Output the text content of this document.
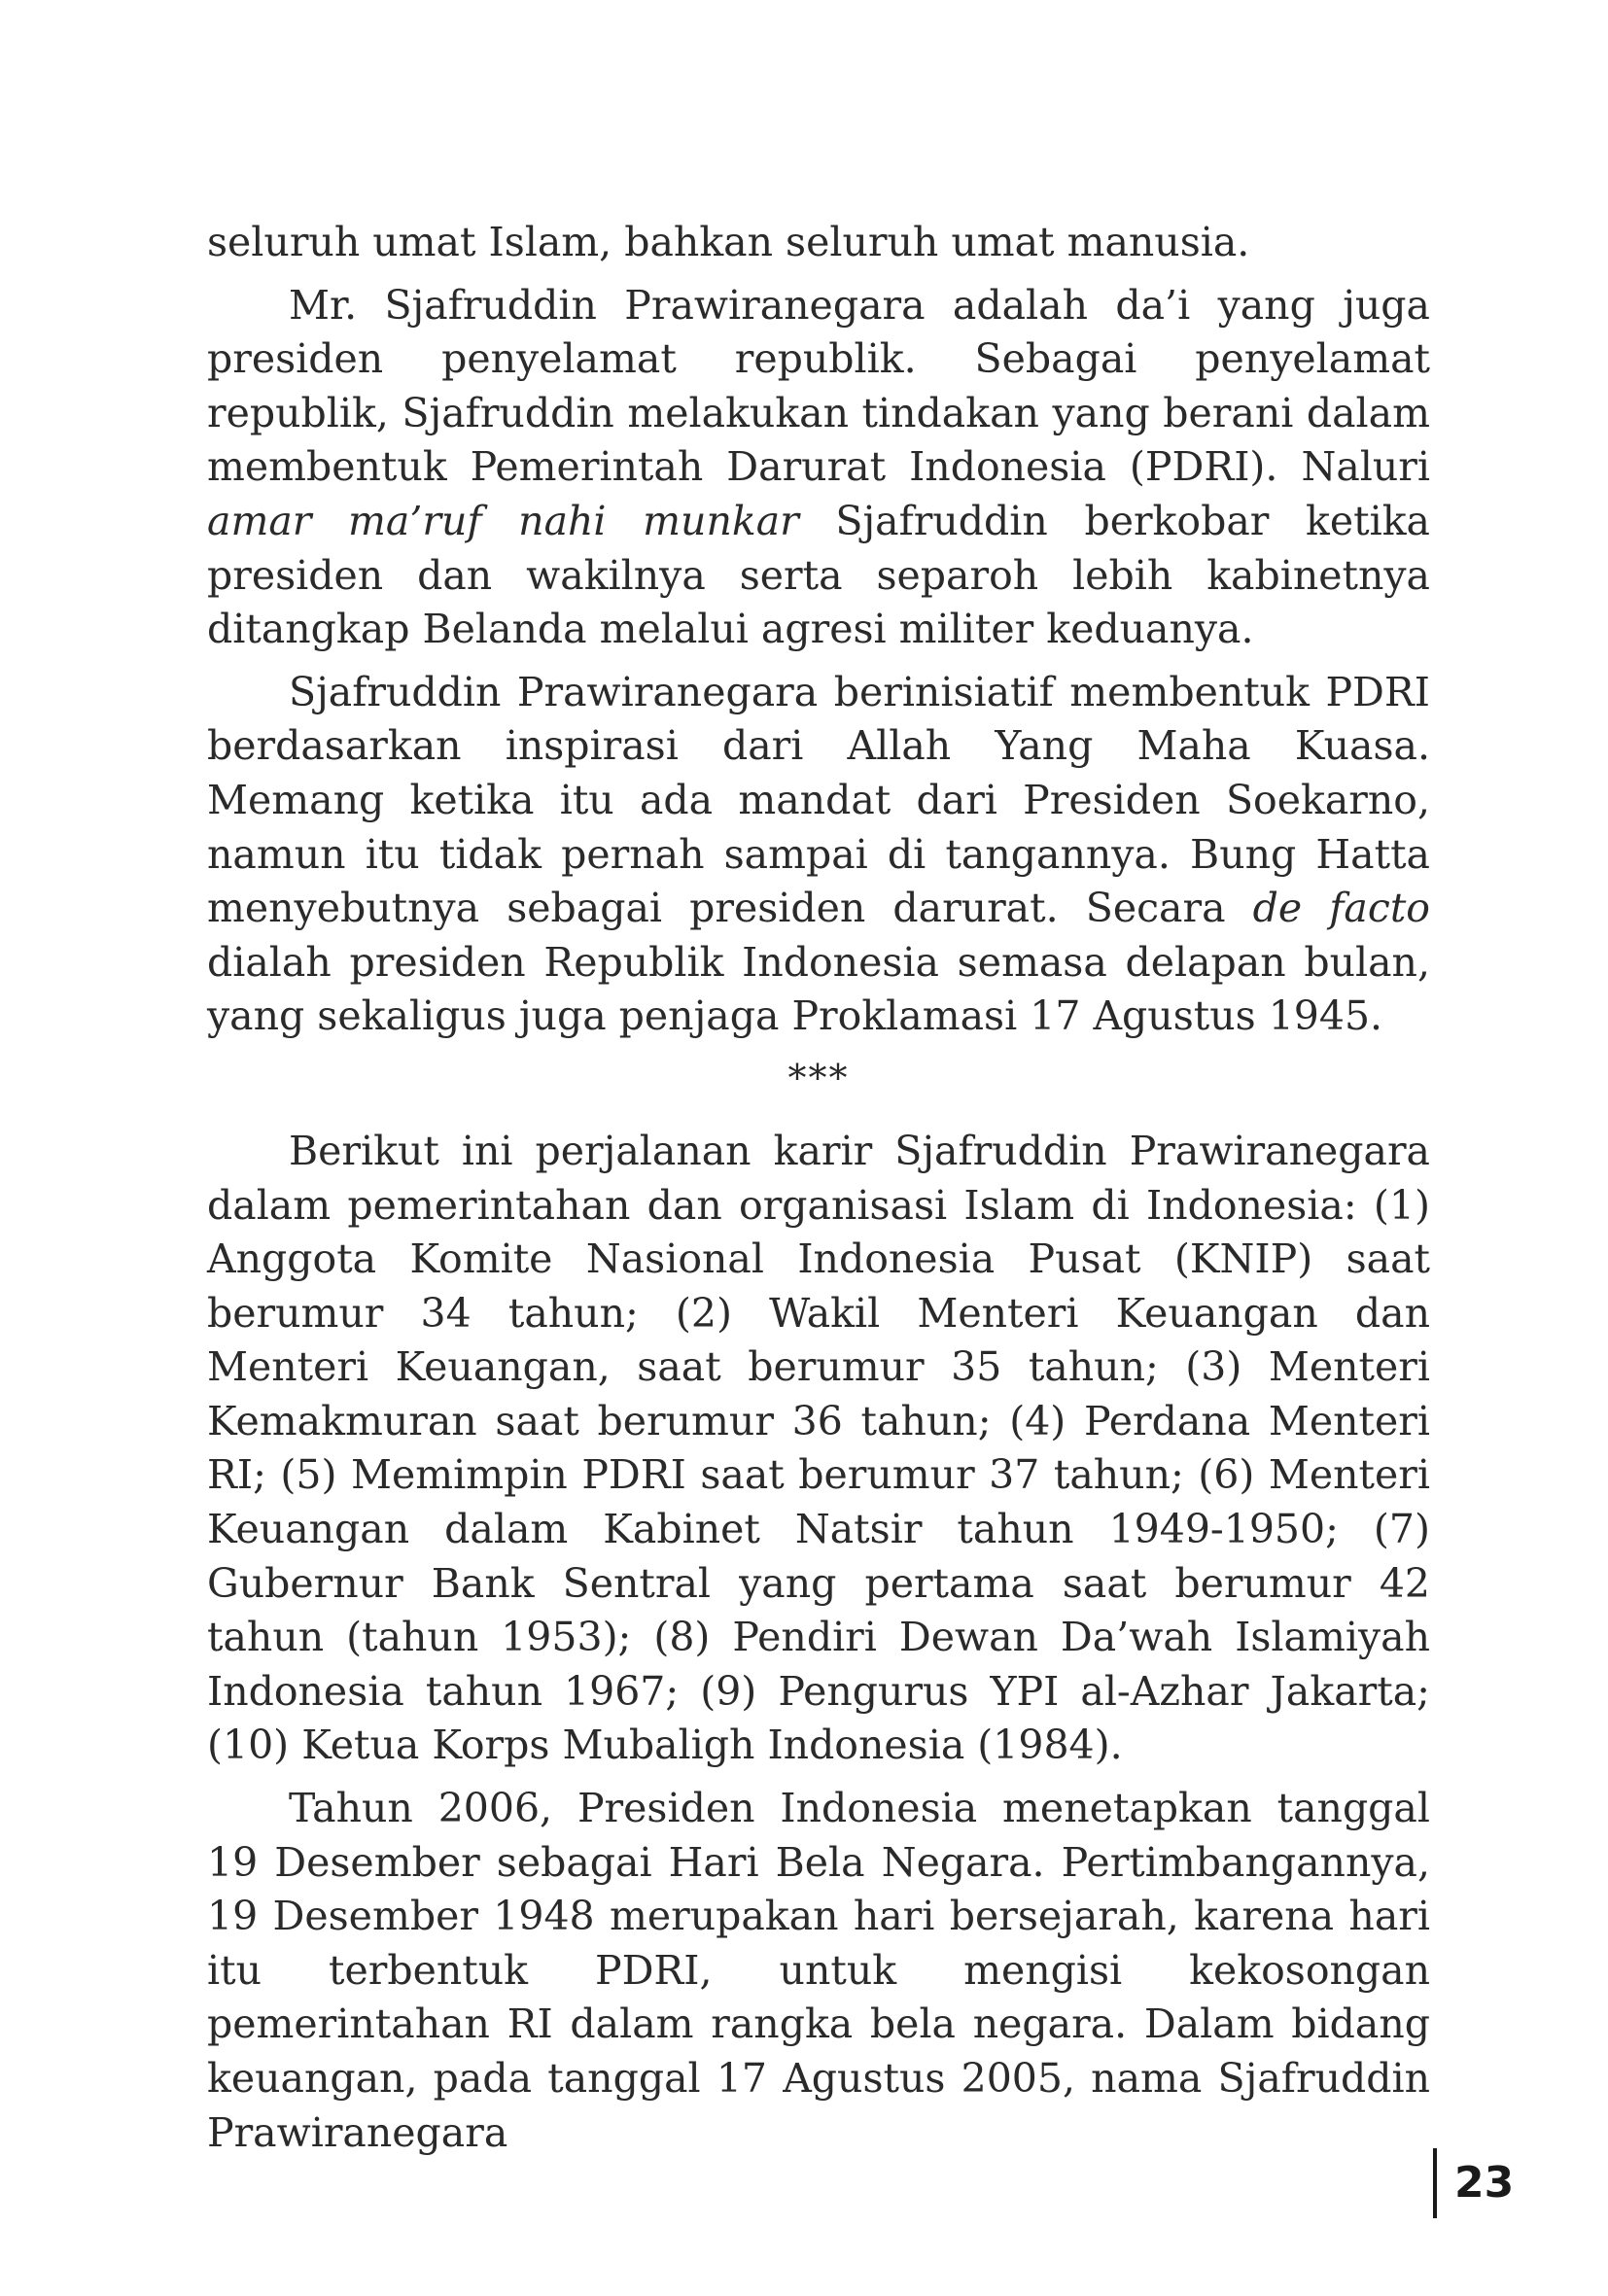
seluruh umat Islam, bahkan seluruh umat manusia.

Mr. Sjafruddin Prawiranegara adalah da’i yang juga presiden penyelamat republik. Sebagai penyelamat republik, Sjafruddin melakukan tindakan yang berani dalam membentuk Pemerintah Darurat Indonesia (PDRI). Naluri amar ma’ruf nahi munkar Sjafruddin berkobar ketika presiden dan wakilnya serta separoh lebih kabinetnya ditangkap Belanda melalui agresi militer keduanya.

Sjafruddin Prawiranegara berinisiatif membentuk PDRI berdasarkan inspirasi dari Allah Yang Maha Kuasa. Memang ketika itu ada mandat dari Presiden Soekarno, namun itu tidak pernah sampai di tangannya. Bung Hatta menyebutnya sebagai presiden darurat. Secara de facto dialah presiden Republik Indonesia semasa delapan bulan, yang sekaligus juga penjaga Proklamasi 17 Agustus 1945.

***

Berikut ini perjalanan karir Sjafruddin Prawiranegara dalam pemerintahan dan organisasi Islam di Indonesia: (1) Anggota Komite Nasional Indonesia Pusat (KNIP) saat berumur 34 tahun; (2) Wakil Menteri Keuangan dan Menteri Keuangan, saat berumur 35 tahun; (3) Menteri Kemakmuran saat berumur 36 tahun; (4) Perdana Menteri RI; (5) Memimpin PDRI saat berumur 37 tahun; (6) Menteri Keuangan dalam Kabinet Natsir tahun 1949-1950; (7) Gubernur Bank Sentral yang pertama saat berumur 42 tahun (tahun 1953); (8) Pendiri Dewan Da’wah Islamiyah Indonesia tahun 1967; (9) Pengurus YPI al-Azhar Jakarta; (10) Ketua Korps Mubaligh Indonesia (1984).

Tahun 2006, Presiden Indonesia menetapkan tanggal 19 Desember sebagai Hari Bela Negara. Pertimbangannya, 19 Desember 1948 merupakan hari bersejarah, karena hari itu terbentuk PDRI, untuk mengisi kekosongan pemerintahan RI dalam rangka bela negara. Dalam bidang keuangan, pada tanggal 17 Agustus 2005, nama Sjafruddin Prawiranegara

23
